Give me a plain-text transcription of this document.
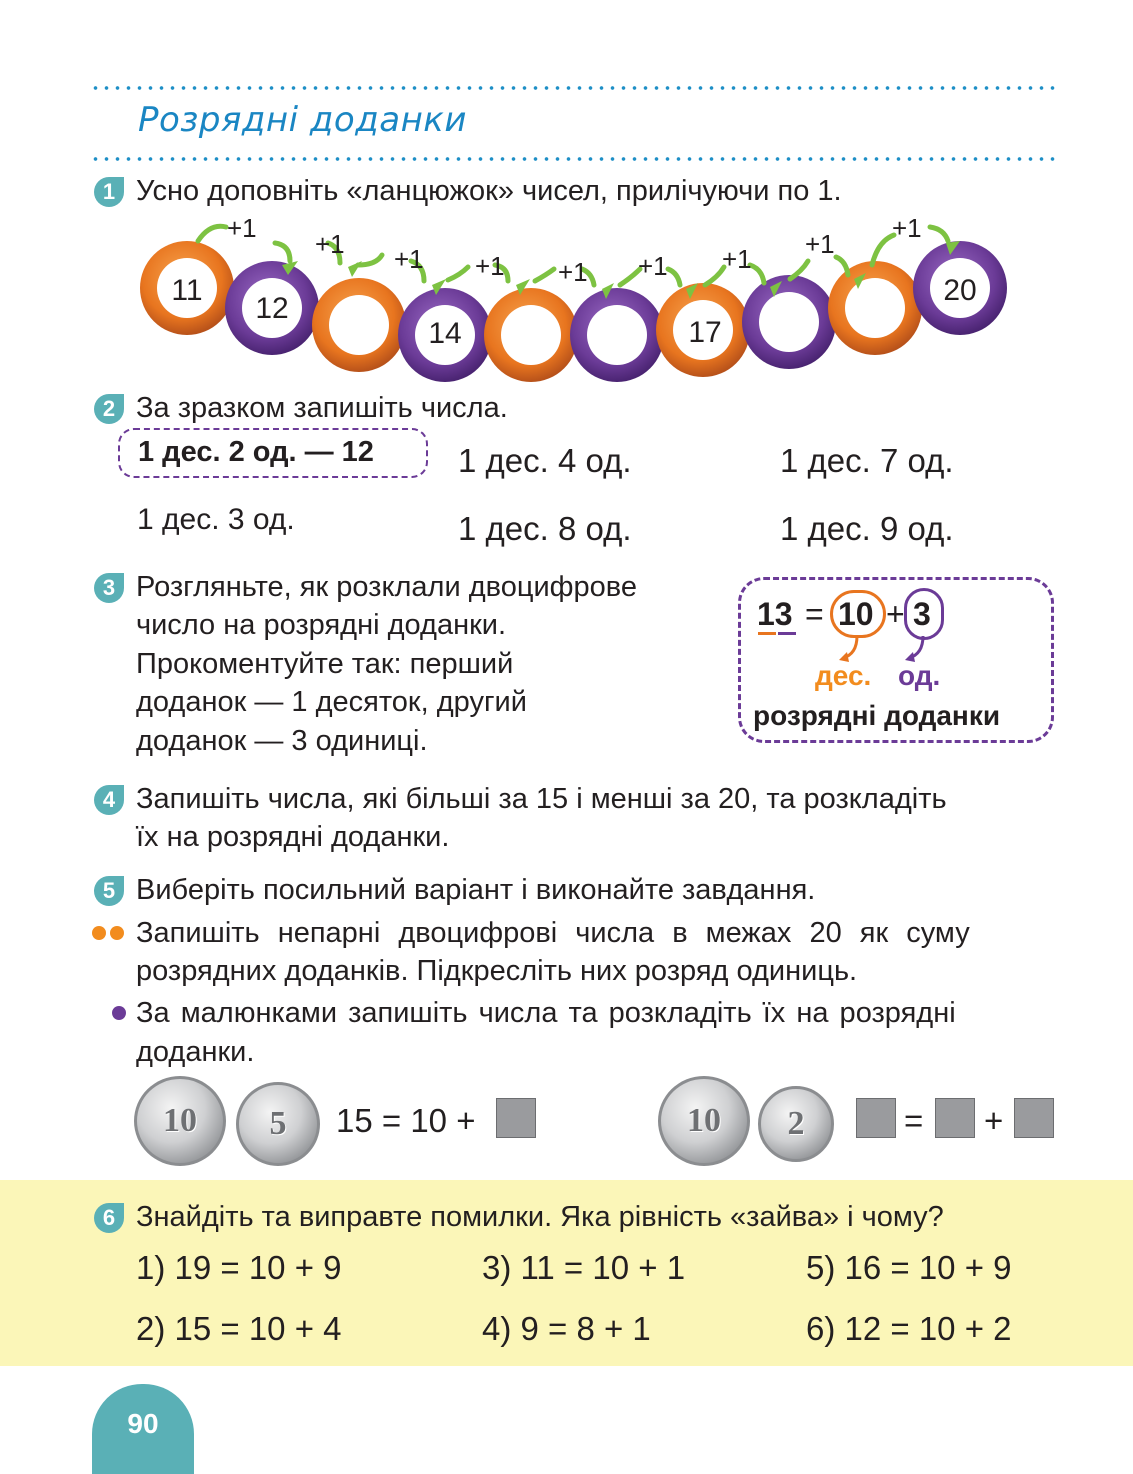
Розрядні доданки
1 Усно доповніть «ланцюжок» чисел, прилічуючи по 1.
11
12
14	17
20
+1
+1 +1 +1 +1 +1 +1 +1
+1
2 За зразком запишіть числа.
1 дес. 2 од. — 12	1 дес. 4 од.	1 дес. 7 од.
1 дес. 3 од.	1 дес. 8 од.	1 дес. 9 од.
3 Розгляньте, як розклали двоцифрове
число на розрядні доданки.
Прокоментуйте так: перший
доданок — 1 десяток, другий
доданок — 3 одиниці.
13 = 10 + 3
дес. од.
розрядні доданки
4 Запишіть числа, які більші за 15 і менші за 20, та розкладіть
їх на розрядні доданки.
5 Виберіть посильний варіант і виконайте завдання.
Запишіть непарні двоцифрові числа в межах 20 як суму
розрядних доданків. Підкресліть них розряд одиниць.
За малюнками запишіть числа та розкладіть їх на розрядні
доданки.
10 5 15 = 10 +	10 2	= +
6 Знайдіть та виправте помилки. Яка рівність «зайва» і чому?
1) 19 = 10 + 9	3) 11 = 10 + 1	5) 16 = 10 + 9
2) 15 = 10 + 4	4) 9 = 8 + 1	6) 12 = 10 + 2
90
